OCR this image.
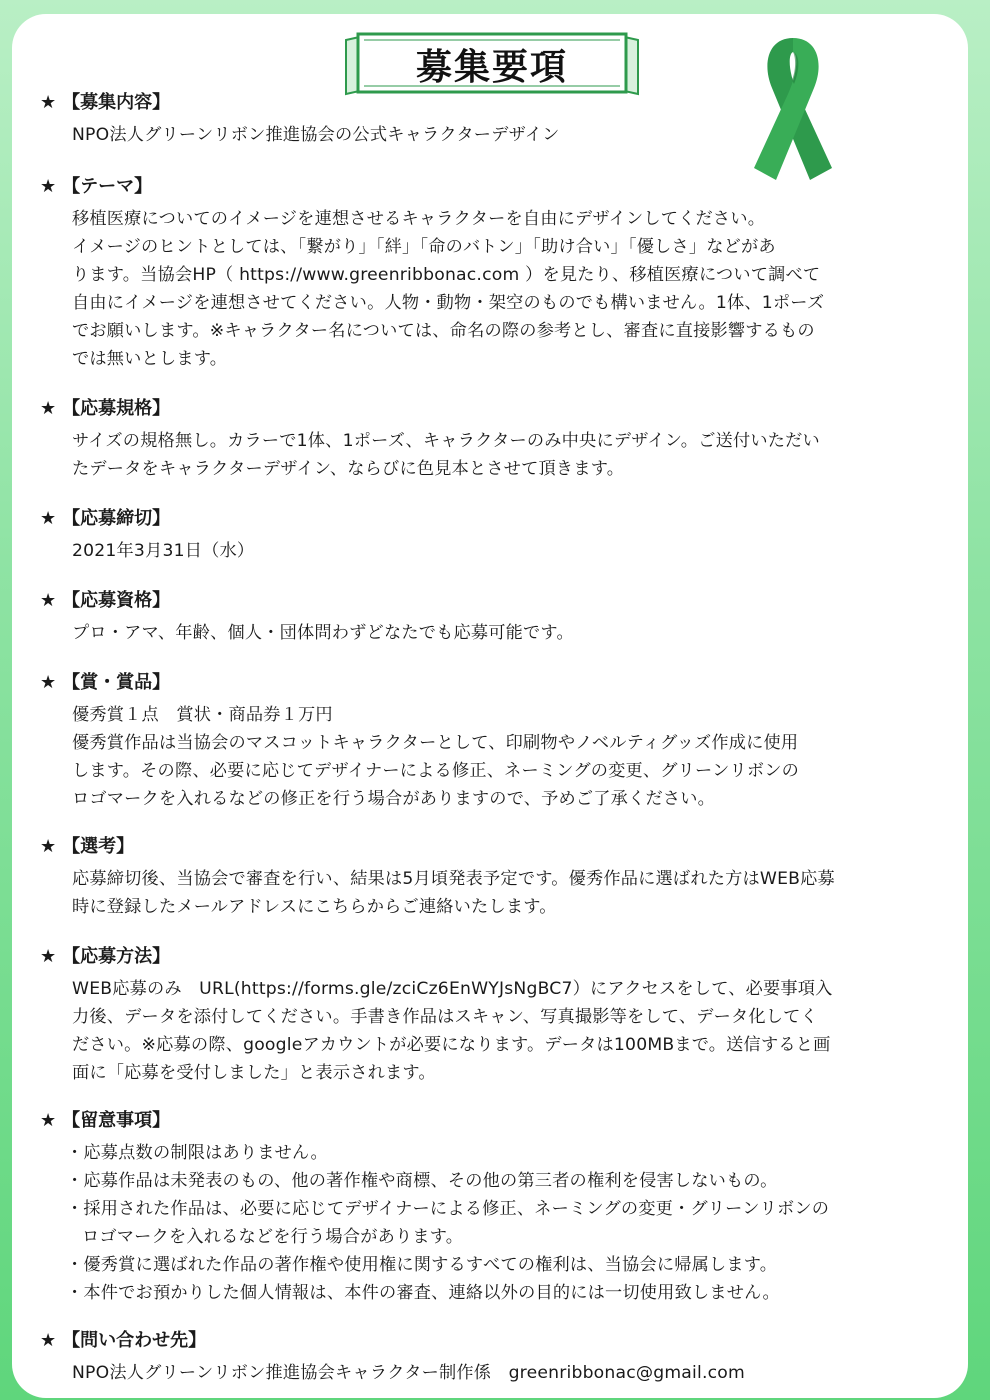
募集要項
★ 【募集内容】
NPO法人グリーンリボン推進協会の公式キャラクターデザイン
★ 【テーマ】
移植医療についてのイメージを連想させるキャラクターを自由にデザインしてください。
イメージのヒントとしては、「繋がり」「絆」「命のバトン」「助け合い」「優しさ」などがあ
ります。当協会HP（ https://www.greenribbonac.com ）を見たり、移植医療について調べて
自由にイメージを連想させてください。人物・動物・架空のものでも構いません。1体、1ポーズ
でお願いします。※キャラクター名については、命名の際の参考とし、審査に直接影響するもの
では無いとします。
★ 【応募規格】
サイズの規格無し。カラーで1体、1ポーズ、キャラクターのみ中央にデザイン。ご送付いただい
たデータをキャラクターデザイン、ならびに色見本とさせて頂きます。
★ 【応募締切】
2021年3月31日（水）
★ 【応募資格】
プロ・アマ、年齢、個人・団体問わずどなたでも応募可能です。
★ 【賞・賞品】
優秀賞１点　賞状・商品券１万円
優秀賞作品は当協会のマスコットキャラクターとして、印刷物やノベルティグッズ作成に使用
します。その際、必要に応じてデザイナーによる修正、ネーミングの変更、グリーンリボンの
ロゴマークを入れるなどの修正を行う場合がありますので、予めご了承ください。
★ 【選考】
応募締切後、当協会で審査を行い、結果は5月頃発表予定です。優秀作品に選ばれた方はWEB応募
時に登録したメールアドレスにこちらからご連絡いたします。
★ 【応募方法】
WEB応募のみ　URL(https://forms.gle/zciCz6EnWYJsNgBC7）にアクセスをして、必要事項入
力後、データを添付してください。手書き作品はスキャン、写真撮影等をして、データ化してく
ださい。※応募の際、googleアカウントが必要になります。データは100MBまで。送信すると画
面に「応募を受付しました」と表示されます。
★ 【留意事項】
・応募点数の制限はありません。
・応募作品は未発表のもの、他の著作権や商標、その他の第三者の権利を侵害しないもの。
・採用された作品は、必要に応じてデザイナーによる修正、ネーミングの変更・グリーンリボンの
ロゴマークを入れるなどを行う場合があります。
・優秀賞に選ばれた作品の著作権や使用権に関するすべての権利は、当協会に帰属します。
・本件でお預かりした個人情報は、本件の審査、連絡以外の目的には一切使用致しません。
★ 【問い合わせ先】
NPO法人グリーンリボン推進協会キャラクター制作係　greenribbonac@gmail.com
